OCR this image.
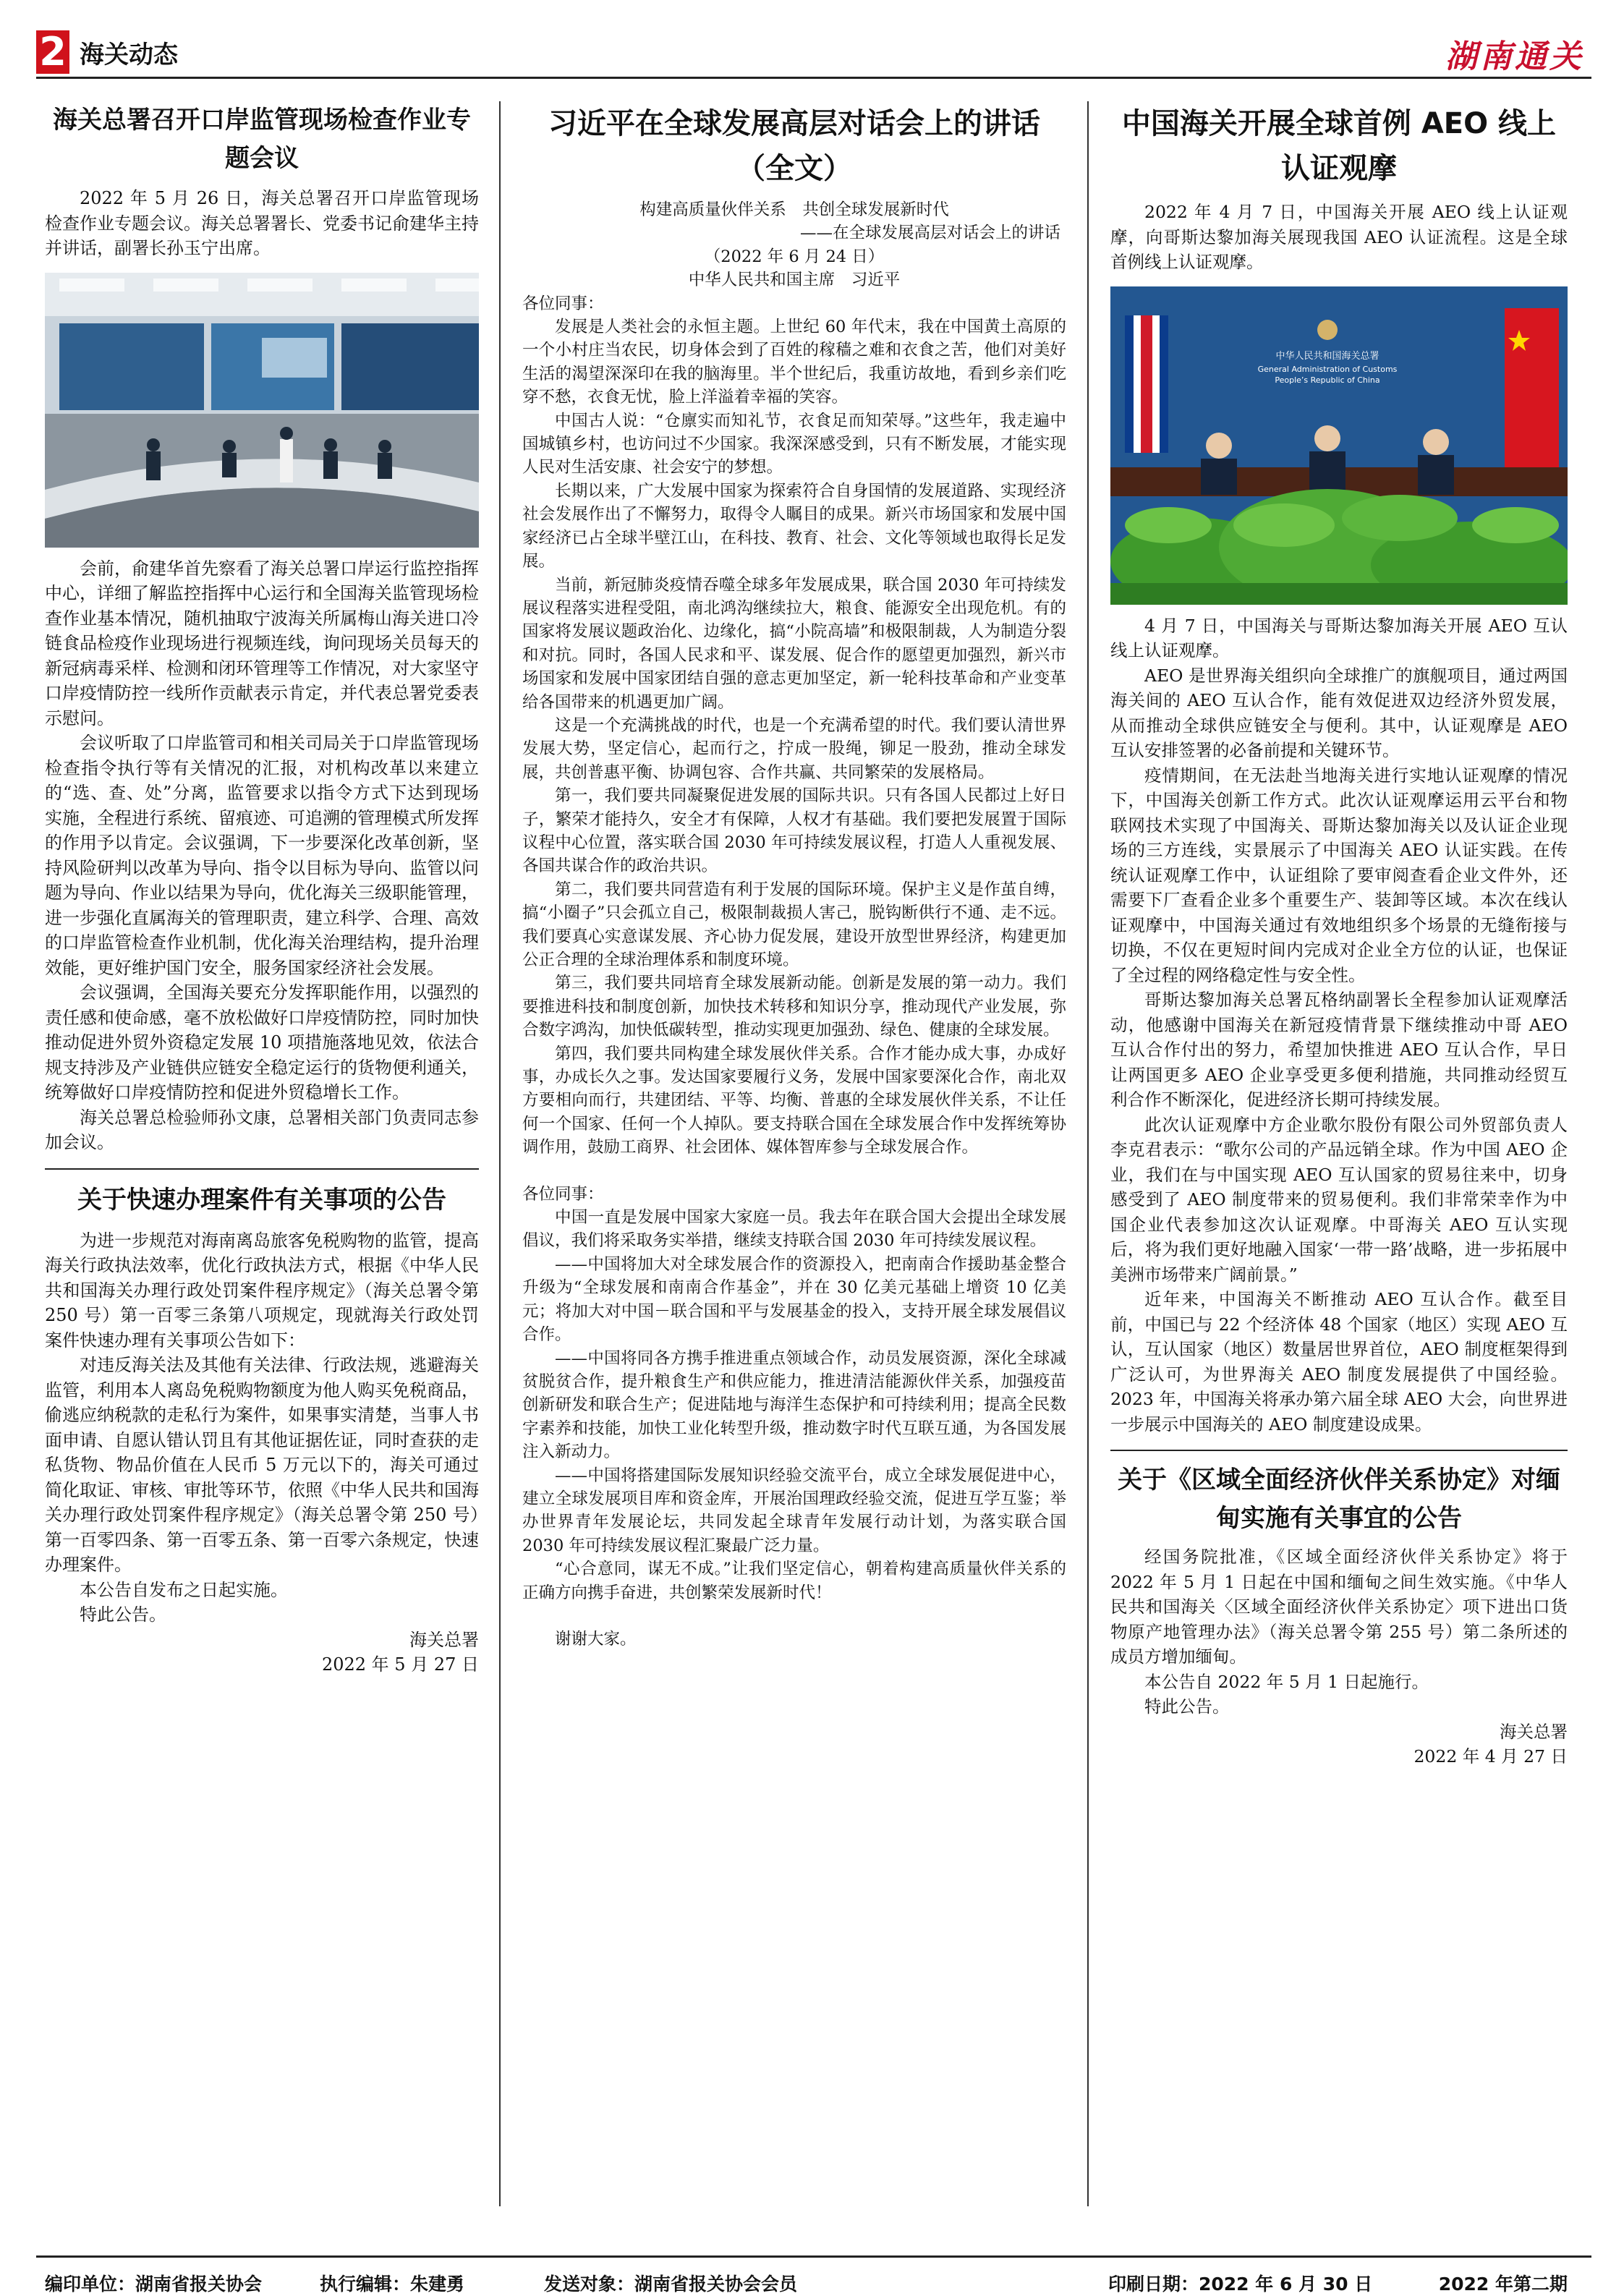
2 海关动态	湖南通关
海关总署召开口岸监管现场检查作业专题会议

2022 年 5 月 26 日，海关总署召开口岸监管现场检查作业专题会议。海关总署署长、党委书记俞建华主持并讲话，副署长孙玉宁出席。

会前，俞建华首先察看了海关总署口岸运行监控指挥中心，详细了解监控指挥中心运行和全国海关监管现场检查作业基本情况，随机抽取宁波海关所属梅山海关进口冷链食品检疫作业现场进行视频连线，询问现场关员每天的新冠病毒采样、检测和闭环管理等工作情况，对大家坚守口岸疫情防控一线所作贡献表示肯定，并代表总署党委表示慰问。

会议听取了口岸监管司和相关司局关于口岸监管现场检查指令执行等有关情况的汇报，对机构改革以来建立的“选、查、处”分离，监管要求以指令方式下达到现场实施，全程进行系统、留痕迹、可追溯的管理模式所发挥的作用予以肯定。会议强调，下一步要深化改革创新，坚持风险研判以改革为导向、指令以目标为导向、监管以问题为导向、作业以结果为导向，优化海关三级职能管理，进一步强化直属海关的管理职责，建立科学、合理、高效的口岸监管检查作业机制，优化海关治理结构，提升治理效能，更好维护国门安全，服务国家经济社会发展。

会议强调，全国海关要充分发挥职能作用，以强烈的责任感和使命感，毫不放松做好口岸疫情防控，同时加快推动促进外贸外资稳定发展 10 项措施落地见效，依法合规支持涉及产业链供应链安全稳定运行的货物便利通关，统筹做好口岸疫情防控和促进外贸稳增长工作。

海关总署总检验师孙文康，总署相关部门负责同志参加会议。

关于快速办理案件有关事项的公告

为进一步规范对海南离岛旅客免税购物的监管，提高海关行政执法效率，优化行政执法方式，根据《中华人民共和国海关办理行政处罚案件程序规定》（海关总署令第 250 号）第一百零三条第八项规定，现就海关行政处罚案件快速办理有关事项公告如下：

对违反海关法及其他有关法律、行政法规，逃避海关监管，利用本人离岛免税购物额度为他人购买免税商品，偷逃应纳税款的走私行为案件，如果事实清楚，当事人书面申请、自愿认错认罚且有其他证据佐证，同时查获的走私货物、物品价值在人民币 5 万元以下的，海关可通过简化取证、审核、审批等环节，依照《中华人民共和国海关办理行政处罚案件程序规定》（海关总署令第 250 号）第一百零四条、第一百零五条、第一百零六条规定，快速办理案件。

本公告自发布之日起实施。

特此公告。

海关总署

2022 年 5 月 27 日

习近平在全球发展高层对话会上的讲话（全文）

构建高质量伙伴关系　共创全球发展新时代

——在全球发展高层对话会上的讲话

（2022 年 6 月 24 日）

中华人民共和国主席　习近平

各位同事：

发展是人类社会的永恒主题。上世纪 60 年代末，我在中国黄土高原的一个小村庄当农民，切身体会到了百姓的稼穑之难和衣食之苦，他们对美好生活的渴望深深印在我的脑海里。半个世纪后，我重访故地，看到乡亲们吃穿不愁，衣食无忧，脸上洋溢着幸福的笑容。

中国古人说：“仓廪实而知礼节，衣食足而知荣辱。”这些年，我走遍中国城镇乡村，也访问过不少国家。我深深感受到，只有不断发展，才能实现人民对生活安康、社会安宁的梦想。

长期以来，广大发展中国家为探索符合自身国情的发展道路、实现经济社会发展作出了不懈努力，取得令人瞩目的成果。新兴市场国家和发展中国家经济已占全球半壁江山，在科技、教育、社会、文化等领域也取得长足发展。

当前，新冠肺炎疫情吞噬全球多年发展成果，联合国 2030 年可持续发展议程落实进程受阻，南北鸿沟继续拉大，粮食、能源安全出现危机。有的国家将发展议题政治化、边缘化，搞“小院高墙”和极限制裁，人为制造分裂和对抗。同时，各国人民求和平、谋发展、促合作的愿望更加强烈，新兴市场国家和发展中国家团结自强的意志更加坚定，新一轮科技革命和产业变革给各国带来的机遇更加广阔。

这是一个充满挑战的时代，也是一个充满希望的时代。我们要认清世界发展大势，坚定信心，起而行之，拧成一股绳，铆足一股劲，推动全球发展，共创普惠平衡、协调包容、合作共赢、共同繁荣的发展格局。

第一，我们要共同凝聚促进发展的国际共识。只有各国人民都过上好日子，繁荣才能持久，安全才有保障，人权才有基础。我们要把发展置于国际议程中心位置，落实联合国 2030 年可持续发展议程，打造人人重视发展、各国共谋合作的政治共识。

第二，我们要共同营造有利于发展的国际环境。保护主义是作茧自缚，搞“小圈子”只会孤立自己，极限制裁损人害己，脱钩断供行不通、走不远。我们要真心实意谋发展、齐心协力促发展，建设开放型世界经济，构建更加公正合理的全球治理体系和制度环境。

第三，我们要共同培育全球发展新动能。创新是发展的第一动力。我们要推进科技和制度创新，加快技术转移和知识分享，推动现代产业发展，弥合数字鸿沟，加快低碳转型，推动实现更加强劲、绿色、健康的全球发展。

第四，我们要共同构建全球发展伙伴关系。合作才能办成大事，办成好事，办成长久之事。发达国家要履行义务，发展中国家要深化合作，南北双方要相向而行，共建团结、平等、均衡、普惠的全球发展伙伴关系，不让任何一个国家、任何一个人掉队。要支持联合国在全球发展合作中发挥统筹协调作用，鼓励工商界、社会团体、媒体智库参与全球发展合作。

各位同事：

中国一直是发展中国家大家庭一员。我去年在联合国大会提出全球发展倡议，我们将采取务实举措，继续支持联合国 2030 年可持续发展议程。

——中国将加大对全球发展合作的资源投入，把南南合作援助基金整合升级为“全球发展和南南合作基金”，并在 30 亿美元基础上增资 10 亿美元；将加大对中国－联合国和平与发展基金的投入，支持开展全球发展倡议合作。

——中国将同各方携手推进重点领域合作，动员发展资源，深化全球减贫脱贫合作，提升粮食生产和供应能力，推进清洁能源伙伴关系，加强疫苗创新研发和联合生产；促进陆地与海洋生态保护和可持续利用；提高全民数字素养和技能，加快工业化转型升级，推动数字时代互联互通，为各国发展注入新动力。

——中国将搭建国际发展知识经验交流平台，成立全球发展促进中心，建立全球发展项目库和资金库，开展治国理政经验交流，促进互学互鉴；举办世界青年发展论坛，共同发起全球青年发展行动计划，为落实联合国 2030 年可持续发展议程汇聚最广泛力量。

“心合意同，谋无不成。”让我们坚定信心，朝着构建高质量伙伴关系的正确方向携手奋进，共创繁荣发展新时代！

谢谢大家。

中国海关开展全球首例 AEO 线上认证观摩

2022 年 4 月 7 日，中国海关开展 AEO 线上认证观摩，向哥斯达黎加海关展现我国 AEO 认证流程。这是全球首例线上认证观摩。

中华人民共和国海关总署
General Administration of Customs
People’s Republic of China

4 月 7 日，中国海关与哥斯达黎加海关开展 AEO 互认线上认证观摩。

AEO 是世界海关组织向全球推广的旗舰项目，通过两国海关间的 AEO 互认合作，能有效促进双边经济外贸发展，从而推动全球供应链安全与便利。其中，认证观摩是 AEO 互认安排签署的必备前提和关键环节。

疫情期间，在无法赴当地海关进行实地认证观摩的情况下，中国海关创新工作方式。此次认证观摩运用云平台和物联网技术实现了中国海关、哥斯达黎加海关以及认证企业现场的三方连线，实景展示了中国海关 AEO 认证实践。在传统认证观摩工作中，认证组除了要审阅查看企业文件外，还需要下厂查看企业多个重要生产、装卸等区域。本次在线认证观摩中，中国海关通过有效地组织多个场景的无缝衔接与切换，不仅在更短时间内完成对企业全方位的认证，也保证了全过程的网络稳定性与安全性。

哥斯达黎加海关总署瓦格纳副署长全程参加认证观摩活动，他感谢中国海关在新冠疫情背景下继续推动中哥 AEO 互认合作付出的努力，希望加快推进 AEO 互认合作，早日让两国更多 AEO 企业享受更多便利措施，共同推动经贸互利合作不断深化，促进经济长期可持续发展。

此次认证观摩中方企业歌尔股份有限公司外贸部负责人李克君表示：“歌尔公司的产品远销全球。作为中国 AEO 企业，我们在与中国实现 AEO 互认国家的贸易往来中，切身感受到了 AEO 制度带来的贸易便利。我们非常荣幸作为中国企业代表参加这次认证观摩。中哥海关 AEO 互认实现后，将为我们更好地融入国家‘一带一路’战略，进一步拓展中美洲市场带来广阔前景。”

近年来，中国海关不断推动 AEO 互认合作。截至目前，中国已与 22 个经济体 48 个国家（地区）实现 AEO 互认，互认国家（地区）数量居世界首位，AEO 制度框架得到广泛认可，为世界海关 AEO 制度发展提供了中国经验。2023 年，中国海关将承办第六届全球 AEO 大会，向世界进一步展示中国海关的 AEO 制度建设成果。

关于《区域全面经济伙伴关系协定》对缅甸实施有关事宜的公告

经国务院批准，《区域全面经济伙伴关系协定》将于 2022 年 5 月 1 日起在中国和缅甸之间生效实施。《中华人民共和国海关〈区域全面经济伙伴关系协定〉项下进出口货物原产地管理办法》（海关总署令第 255 号）第二条所述的成员方增加缅甸。

本公告自 2022 年 5 月 1 日起施行。

特此公告。

海关总署

2022 年 4 月 27 日

编印单位：湖南省报关协会	执行编辑：朱建勇	发送对象：湖南省报关协会会员	印刷日期：2022 年 6 月 30 日	2022 年第二期
